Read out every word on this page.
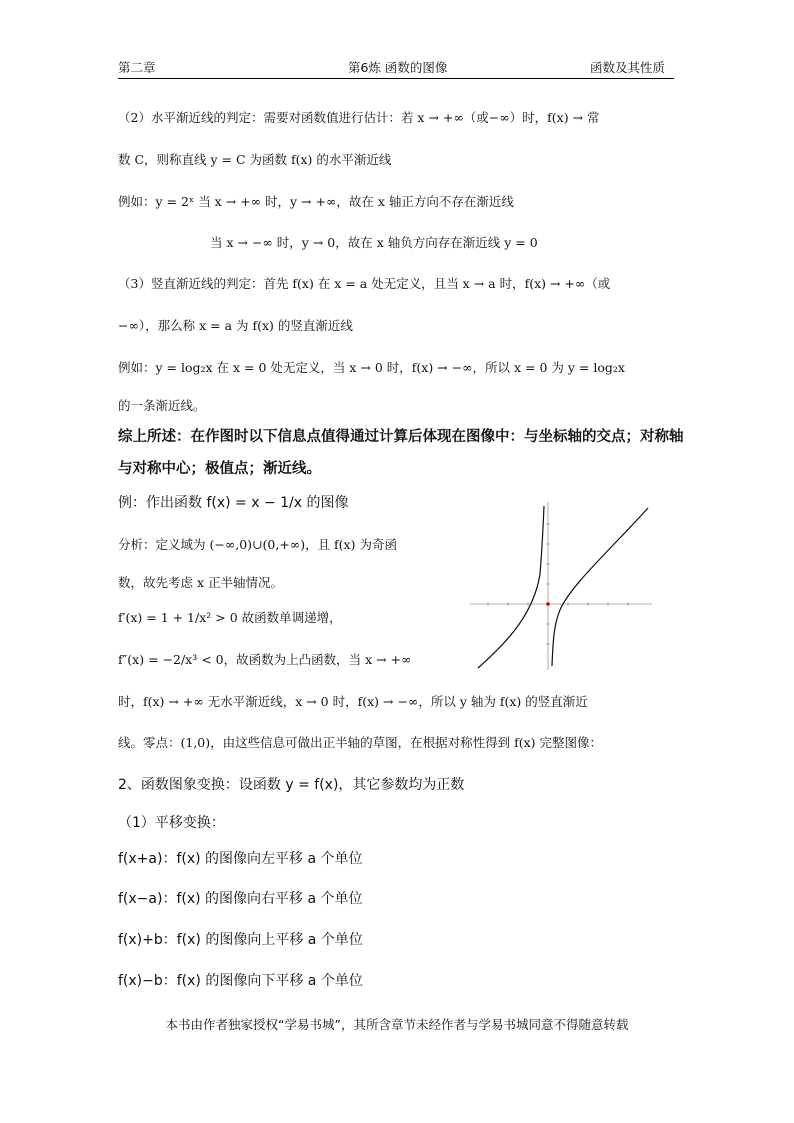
第二章	第6炼 函数的图像	函数及其性质
（2）水平渐近线的判定：需要对函数值进行估计：若 x → +∞（或−∞）时，f(x) → 常
数 C，则称直线 y = C 为函数 f(x) 的水平渐近线
例如：y = 2ˣ 当 x → +∞ 时，y → +∞，故在 x 轴正方向不存在渐近线
当 x → −∞ 时，y → 0，故在 x 轴负方向存在渐近线 y = 0
（3）竖直渐近线的判定：首先 f(x) 在 x = a 处无定义，且当 x → a 时，f(x) → +∞（或
−∞），那么称 x = a 为 f(x) 的竖直渐近线
例如：y = log₂x 在 x = 0 处无定义，当 x → 0 时，f(x) → −∞，所以 x = 0 为 y = log₂x
的一条渐近线。
综上所述：在作图时以下信息点值得通过计算后体现在图像中：与坐标轴的交点；对称轴
与对称中心；极值点；渐近线。
例：作出函数 f(x) = x − 1/x 的图像
分析：定义域为 (−∞,0)∪(0,+∞)，且 f(x) 为奇函
数，故先考虑 x 正半轴情况。
f′(x) = 1 + 1/x² > 0 故函数单调递增，
f″(x) = −2/x³ < 0，故函数为上凸函数，当 x → +∞
时，f(x) → +∞ 无水平渐近线，x → 0 时，f(x) → −∞，所以 y 轴为 f(x) 的竖直渐近
线。零点：(1,0)，由这些信息可做出正半轴的草图，在根据对称性得到 f(x) 完整图像：
2、函数图象变换：设函数 y = f(x)，其它参数均为正数
（1）平移变换：
f(x+a)：f(x) 的图像向左平移 a 个单位
f(x−a)：f(x) 的图像向右平移 a 个单位
f(x)+b：f(x) 的图像向上平移 a 个单位
f(x)−b：f(x) 的图像向下平移 a 个单位
本书由作者独家授权“学易书城”，其所含章节未经作者与学易书城同意不得随意转载
